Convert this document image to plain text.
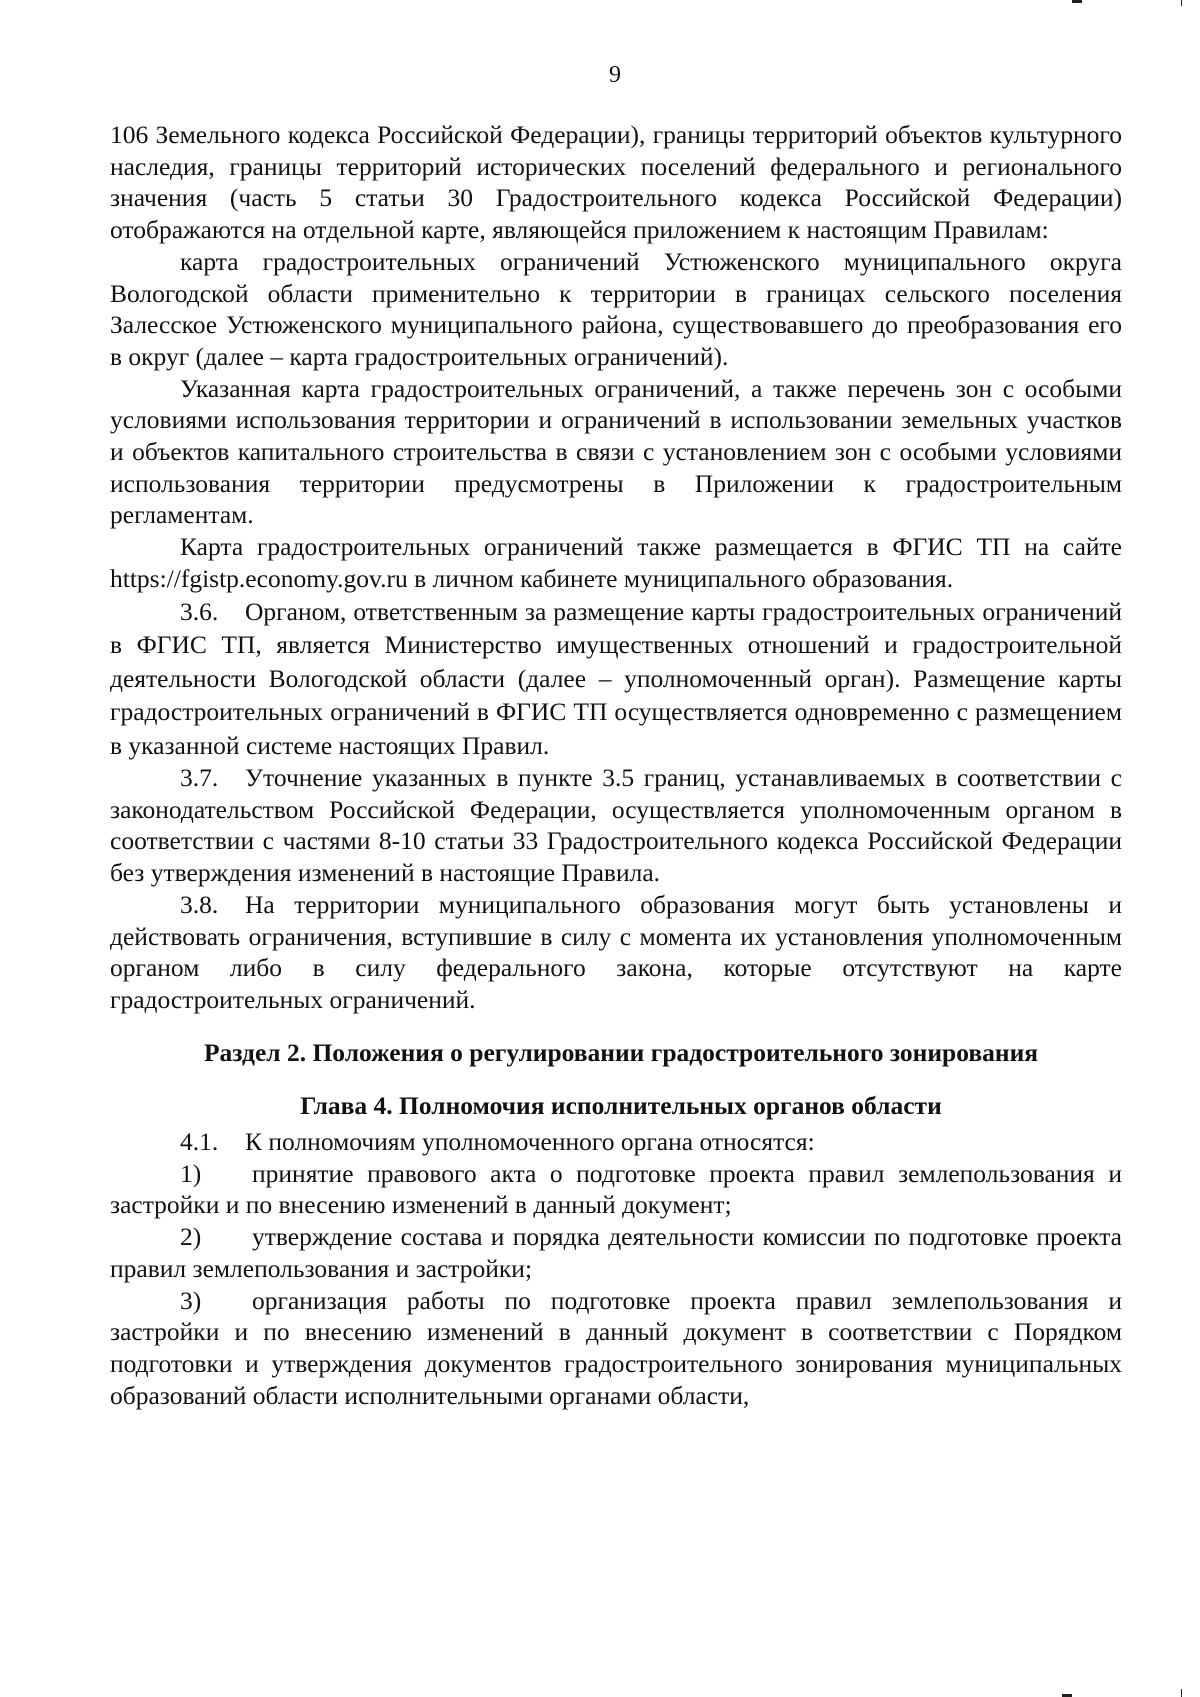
9

106 Земельного кодекса Российской Федерации), границы территорий объектов культурного наследия, границы территорий исторических поселений федерального и регионального значения (часть 5 статьи 30 Градостроительного кодекса Российской Федерации) отображаются на отдельной карте, являющейся приложением к настоящим Правилам:

карта градостроительных ограничений Устюженского муниципального округа Вологодской области применительно к территории в границах сельского поселения Залесское Устюженского муниципального района, существовавшего до преобразования его в округ (далее – карта градостроительных ограничений).

Указанная карта градостроительных ограничений, а также перечень зон с особыми условиями использования территории и ограничений в использовании земельных участков и объектов капитального строительства в связи с установлением зон с особыми условиями использования территории предусмотрены в Приложении к градостроительным регламентам.

Карта градостроительных ограничений также размещается в ФГИС ТП на сайте https://fgistp.economy.gov.ru в личном кабинете муниципального образования.

3.6. Органом, ответственным за размещение карты градостроительных ограничений в ФГИС ТП, является Министерство имущественных отношений и градостроительной деятельности Вологодской области (далее – уполномоченный орган). Размещение карты градостроительных ограничений в ФГИС ТП осуществляется одновременно с размещением в указанной системе настоящих Правил.

3.7. Уточнение указанных в пункте 3.5 границ, устанавливаемых в соответствии с законодательством Российской Федерации, осуществляется уполномоченным органом в соответствии с частями 8-10 статьи 33 Градостроительного кодекса Российской Федерации без утверждения изменений в настоящие Правила.

3.8. На территории муниципального образования могут быть установлены и действовать ограничения, вступившие в силу с момента их установления уполномоченным органом либо в силу федерального закона, которые отсутствуют на карте градостроительных ограничений.

Раздел 2. Положения о регулировании градостроительного зонирования
Глава 4. Полномочия исполнительных органов области

4.1. К полномочиям уполномоченного органа относятся:

1) принятие правового акта о подготовке проекта правил землепользования и застройки и по внесению изменений в данный документ;

2) утверждение состава и порядка деятельности комиссии по подготовке проекта правил землепользования и застройки;

3) организация работы по подготовке проекта правил землепользования и застройки и по внесению изменений в данный документ в соответствии с Порядком подготовки и утверждения документов градостроительного зонирования муниципальных образований области исполнительными органами области,
